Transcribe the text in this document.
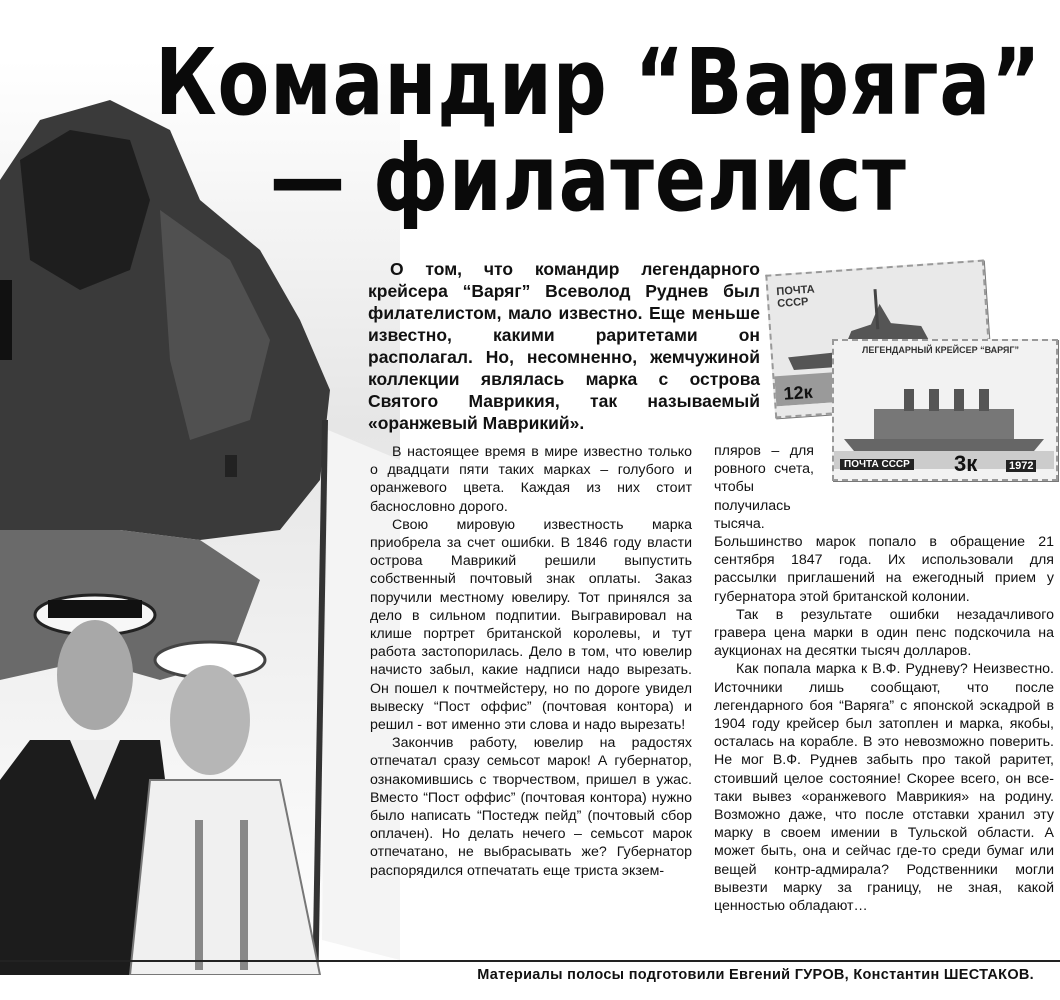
Командир “Варяга”
— филателист

О том, что командир легендарного крейсера “Варяг” Всеволод Руднев был филателистом, мало известно. Еще меньше известно, какими раритетами он располагал. Но, несомненно, жемчужиной коллекции являлась марка с острова Святого Маврикия, так называемый «оранжевый Маврикий».

ПОЧТА СССР
12к
ЛЕГЕНДАРНЫЙ КРЕЙСЕР “ВАРЯГ”
ПОЧТА СССР 3к	1972

В настоящее время в мире известно только о двадцати пяти таких марках – голубого и оранжевого цвета. Каждая из них стоит баснословно дорого.

Свою мировую известность марка приобрела за счет ошибки. В 1846 году власти острова Маврикий решили выпустить собственный почтовый знак оплаты. Заказ поручили местному ювелиру. Тот принялся за дело в сильном подпитии. Выгравировал на клише портрет британской королевы, и тут работа застопорилась. Дело в том, что ювелир начисто забыл, какие надписи надо вырезать. Он пошел к почтмейстеру, но по дороге увидел вывеску “Пост оффис” (почтовая контора) и решил - вот именно эти слова и надо вырезать!

Закончив работу, ювелир на радостях отпечатал сразу семьсот марок! А губернатор, ознакомившись с творчеством, пришел в ужас. Вместо “Пост оффис” (почтовая контора) нужно было написать “Постедж пейд” (почтовый сбор оплачен). Но делать нечего – семьсот марок отпечатано, не выбрасывать же? Губернатор распорядился отпечатать еще триста экзем-

пляров – для ровного счета, чтобы получилась тысяча.

Большинство марок попало в обращение 21 сентября 1847 года. Их использовали для рассылки приглашений на ежегодный прием у губернатора этой британской колонии.

Так в результате ошибки незадачливого гравера цена марки в один пенс подскочила на аукционах на десятки тысяч долларов.

Как попала марка к В.Ф. Рудневу? Неизвестно. Источники лишь сообщают, что после легендарного боя “Варяга” с японской эскадрой в 1904 году крейсер был затоплен и марка, якобы, осталась на корабле. В это невозможно поверить. Не мог В.Ф. Руднев забыть про такой раритет, стоивший целое состояние! Скорее всего, он все-таки вывез «оранжевого Маврикия» на родину. Возможно даже, что после отставки хранил эту марку в своем имении в Тульской области. А может быть, она и сейчас где-то среди бумаг или вещей контр-адмирала? Родственники могли вывезти марку за границу, не зная, какой ценностью обладают…

Материалы полосы подготовили Евгений ГУРОВ, Константин ШЕСТАКОВ.
